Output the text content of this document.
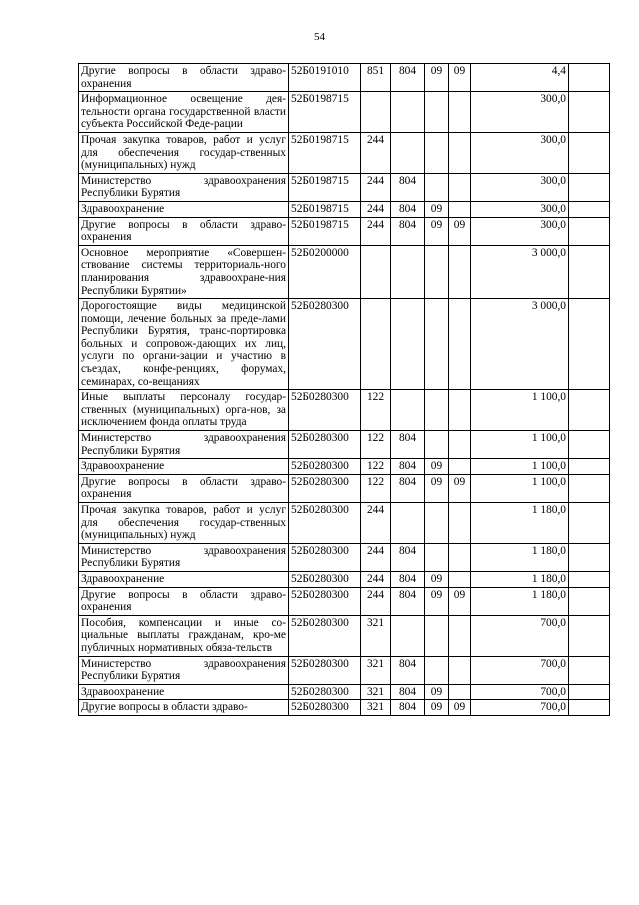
54
Другие вопросы в области здраво-охранения	52Б0191010	851	804	09	09	4,4	
Информационное освещение дея-тельности органа государственной власти субъекта Российской Феде-рации	52Б0198715					300,0	
Прочая закупка товаров, работ и услуг для обеспечения государ-ственных (муниципальных) нужд	52Б0198715	244				300,0	
Министерство здравоохранения Республики Бурятия	52Б0198715	244	804			300,0	
Здравоохранение	52Б0198715	244	804	09		300,0	
Другие вопросы в области здраво-охранения	52Б0198715	244	804	09	09	300,0	
Основное мероприятие «Совершен-ствование системы территориаль-ного планирования здравоохране-ния Республики Бурятии»	52Б0200000					3 000,0	
Дорогостоящие виды медицинской помощи, лечение больных за преде-лами Республики Бурятия, транс-портировка больных и сопровож-дающих их лиц, услуги по органи-зации и участию в съездах, конфе-ренциях, форумах, семинарах, со-вещаниях	52Б0280300					3 000,0	
Иные выплаты персоналу государ-ственных (муниципальных) орга-нов, за исключением фонда оплаты труда	52Б0280300	122				1 100,0	
Министерство здравоохранения Республики Бурятия	52Б0280300	122	804			1 100,0	
Здравоохранение	52Б0280300	122	804	09		1 100,0	
Другие вопросы в области здраво-охранения	52Б0280300	122	804	09	09	1 100,0	
Прочая закупка товаров, работ и услуг для обеспечения государ-ственных (муниципальных) нужд	52Б0280300	244				1 180,0	
Министерство здравоохранения Республики Бурятия	52Б0280300	244	804			1 180,0	
Здравоохранение	52Б0280300	244	804	09		1 180,0	
Другие вопросы в области здраво-охранения	52Б0280300	244	804	09	09	1 180,0	
Пособия, компенсации и иные со-циальные выплаты гражданам, кро-ме публичных нормативных обяза-тельств	52Б0280300	321				700,0	
Министерство здравоохранения Республики Бурятия	52Б0280300	321	804			700,0	
Здравоохранение	52Б0280300	321	804	09		700,0	
Другие вопросы в области здраво-	52Б0280300	321	804	09	09	700,0	
